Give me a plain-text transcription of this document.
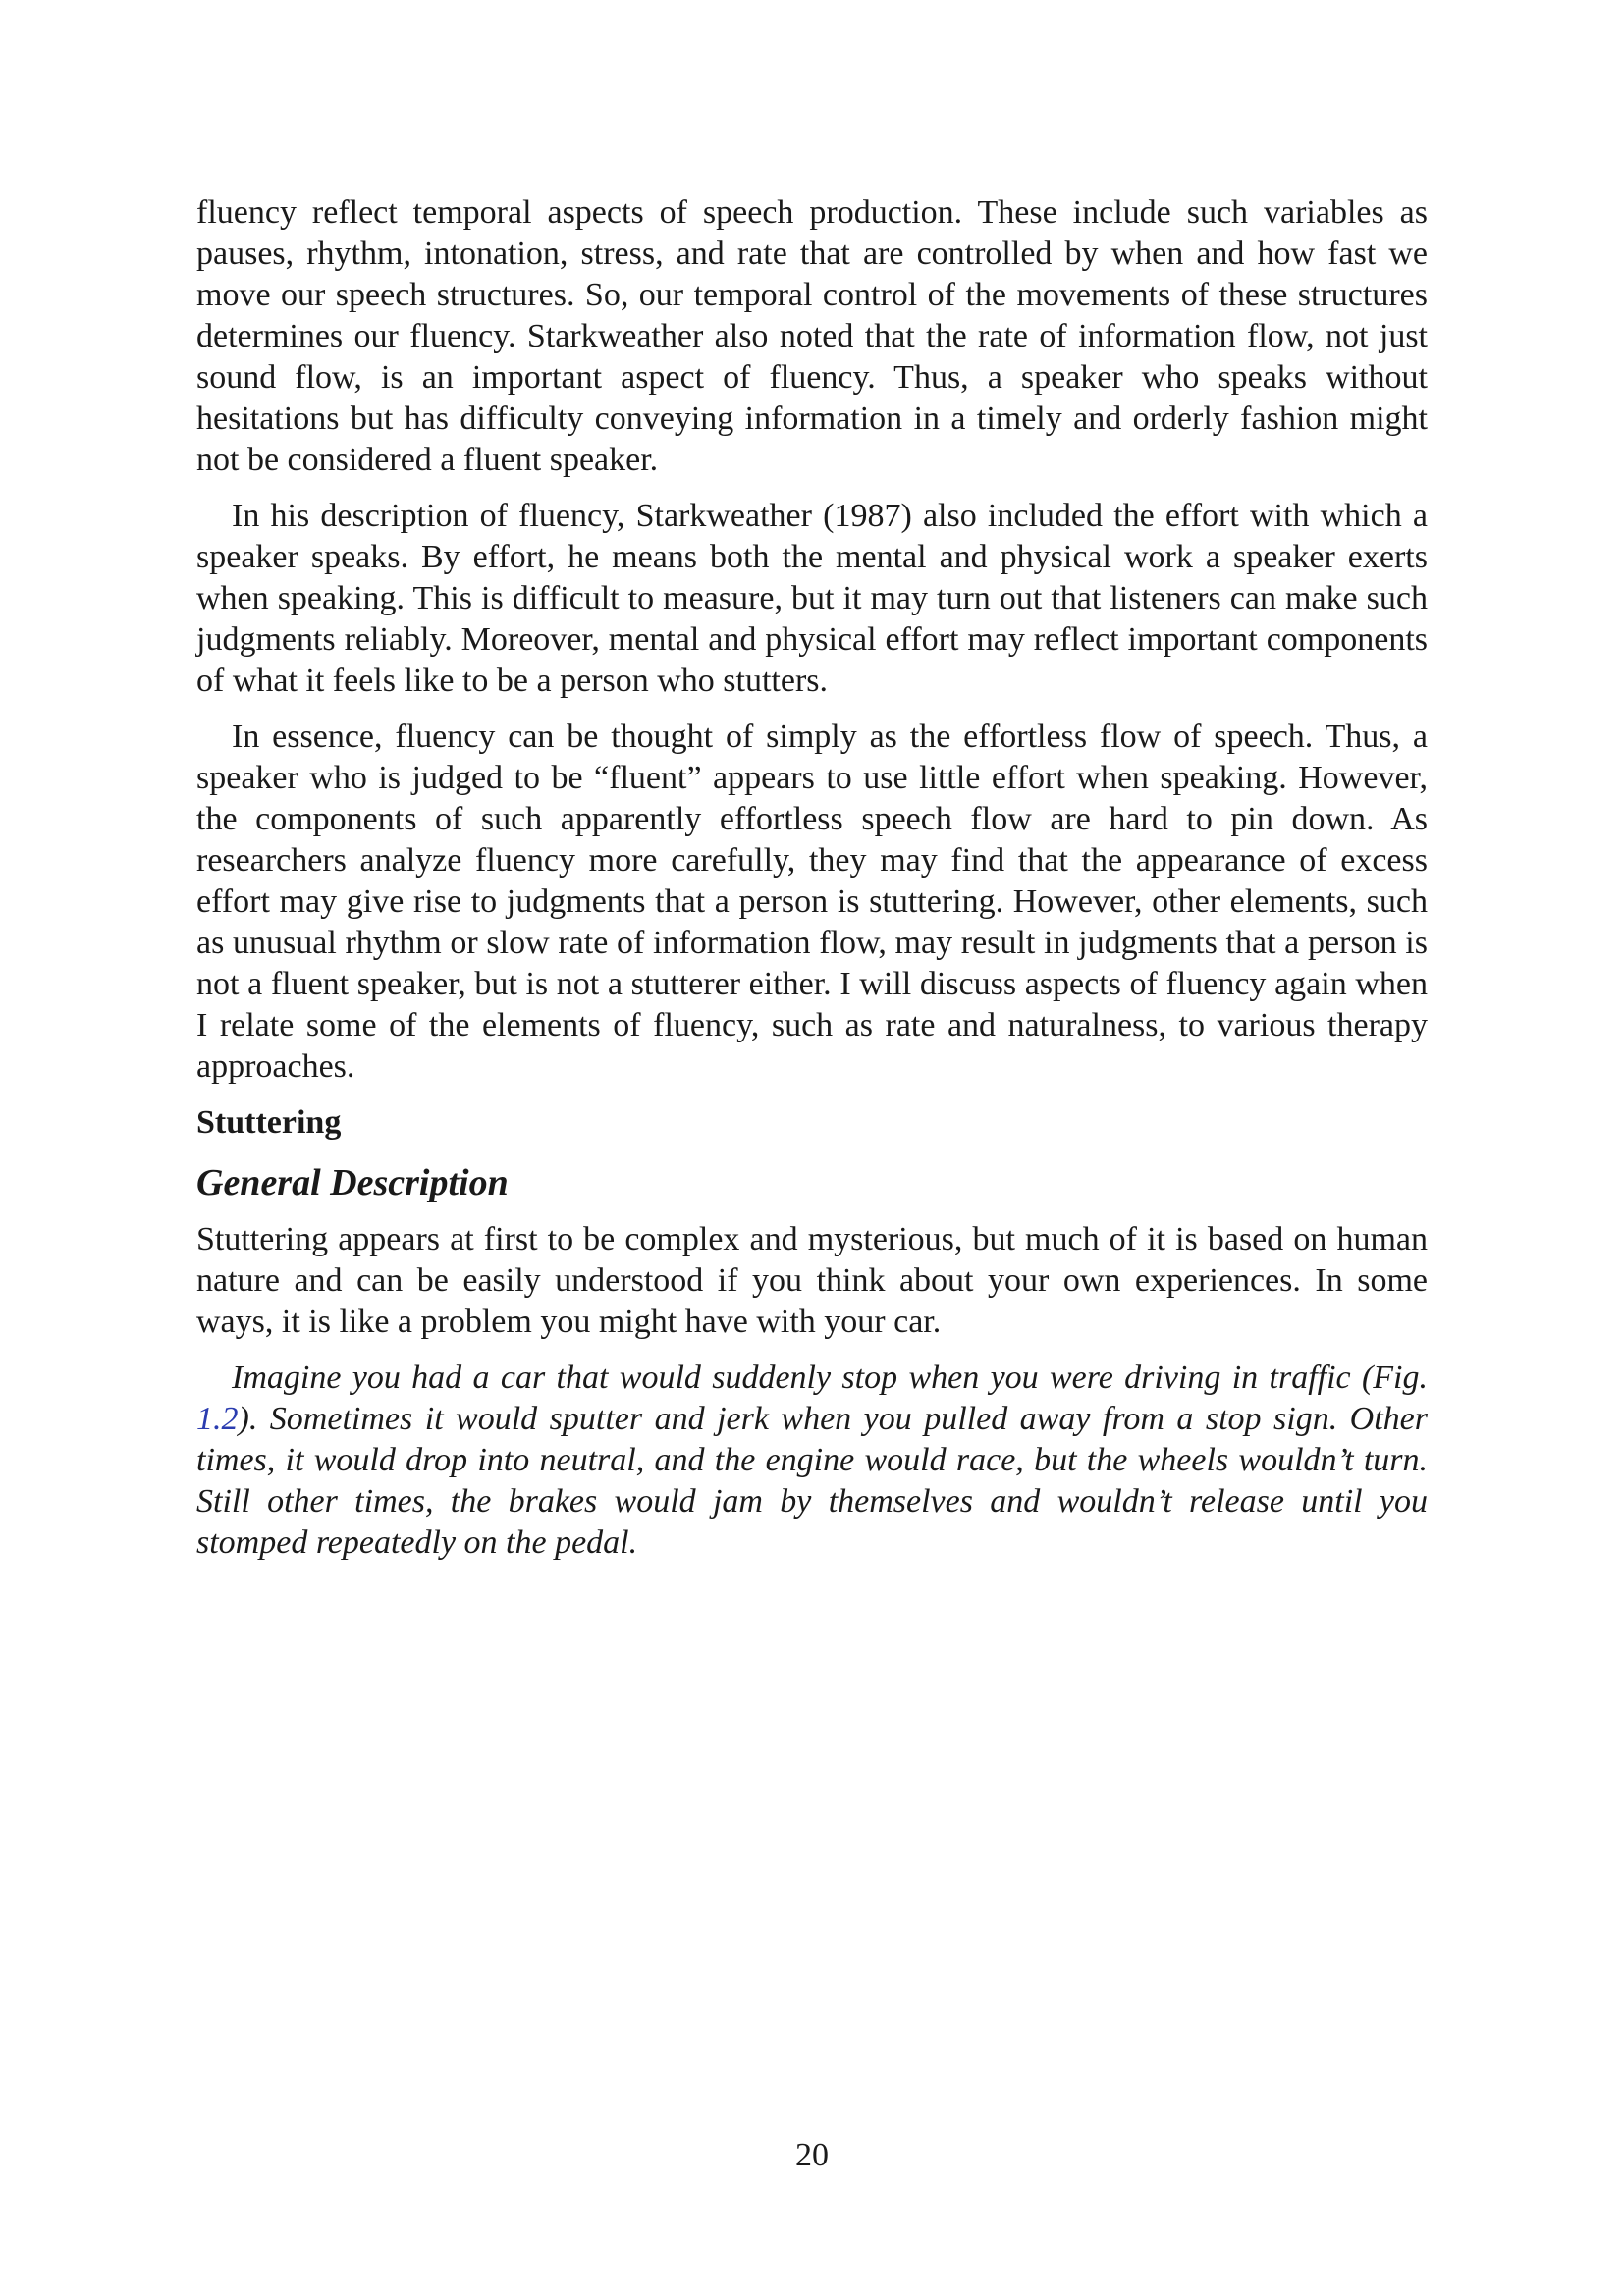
fluency reflect temporal aspects of speech production. These include such variables as pauses, rhythm, intonation, stress, and rate that are controlled by when and how fast we move our speech structures. So, our temporal control of the movements of these structures determines our fluency. Starkweather also noted that the rate of information flow, not just sound flow, is an important aspect of fluency. Thus, a speaker who speaks without hesitations but has difficulty conveying information in a timely and orderly fashion might not be considered a fluent speaker.

In his description of fluency, Starkweather (1987) also included the effort with which a speaker speaks. By effort, he means both the mental and physical work a speaker exerts when speaking. This is difficult to measure, but it may turn out that listeners can make such judgments reliably. Moreover, mental and physical effort may reflect important components of what it feels like to be a person who stutters.

In essence, fluency can be thought of simply as the effortless flow of speech. Thus, a speaker who is judged to be “fluent” appears to use little effort when speaking. However, the components of such apparently effortless speech flow are hard to pin down. As researchers analyze fluency more carefully, they may find that the appearance of excess effort may give rise to judgments that a person is stuttering. However, other elements, such as unusual rhythm or slow rate of information flow, may result in judgments that a person is not a fluent speaker, but is not a stutterer either. I will discuss aspects of fluency again when I relate some of the elements of fluency, such as rate and naturalness, to various therapy approaches.

Stuttering
General Description

Stuttering appears at first to be complex and mysterious, but much of it is based on human nature and can be easily understood if you think about your own experiences. In some ways, it is like a problem you might have with your car.

Imagine you had a car that would suddenly stop when you were driving in traffic (Fig. 1.2). Sometimes it would sputter and jerk when you pulled away from a stop sign. Other times, it would drop into neutral, and the engine would race, but the wheels wouldn’t turn. Still other times, the brakes would jam by themselves and wouldn’t release until you stomped repeatedly on the pedal.

20
